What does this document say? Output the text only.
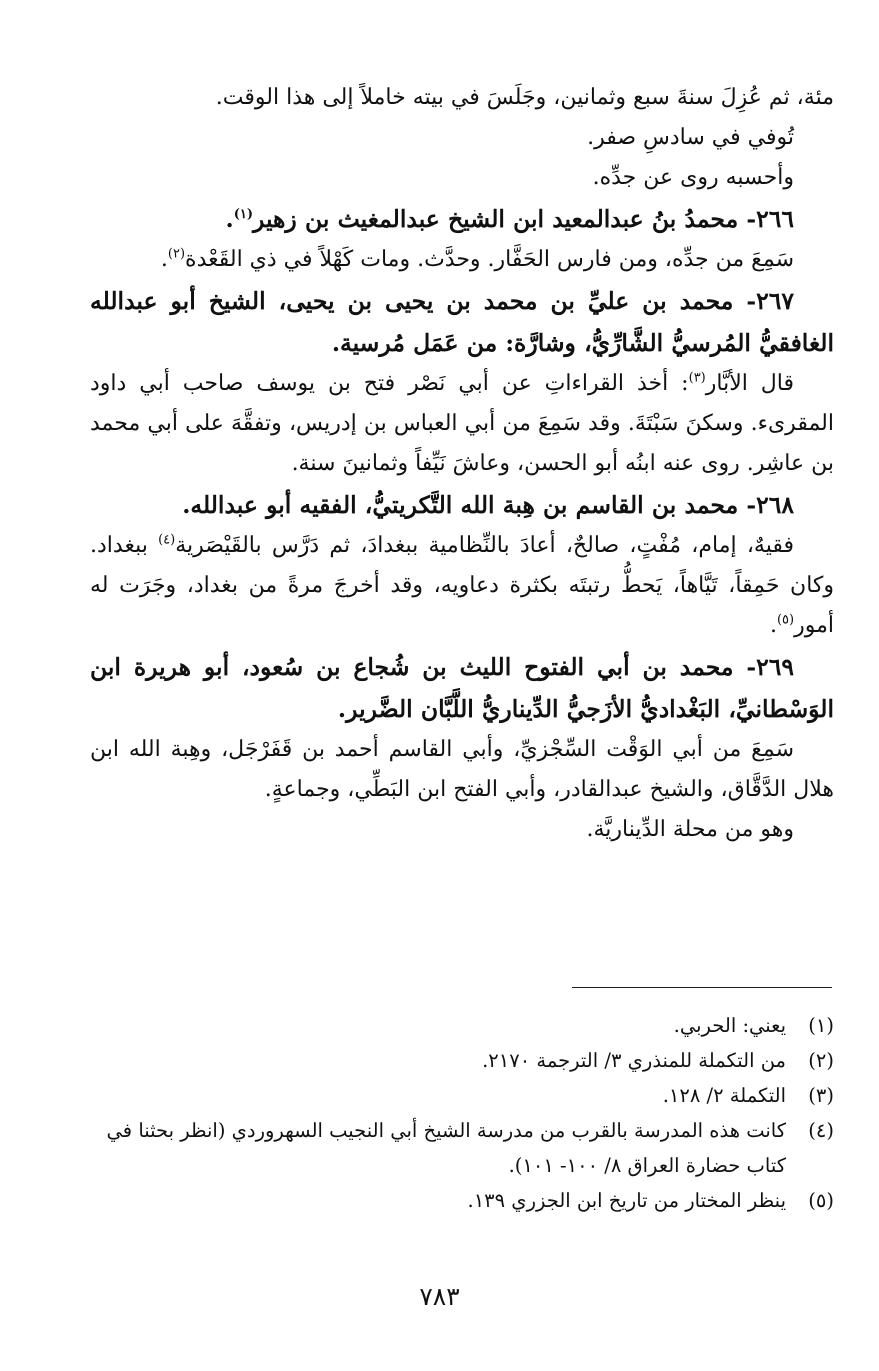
مئة، ثم عُزِلَ سنةَ سبع وثمانين، وجَلَسَ في بيته خاملاً إلى هذا الوقت.

تُوفي في سادسِ صفر.

وأحسبه روى عن جدِّه.

٢٦٦- محمدُ بنُ عبدالمعيد ابن الشيخ عبدالمغيث بن زهير$^{(١)}$.

سَمِعَ من جدِّه، ومن فارس الحَفَّار. وحدَّث. ومات كَهْلاً في ذي القَعْدة$^{(٢)}$.

٢٦٧- محمد بن عليِّ بن محمد بن يحيى بن يحيى، الشيخ أبو عبدالله الغافقيُّ المُرسيُّ الشَّارِّيُّ، وشارَّة: من عَمَل مُرسية.

قال الأبَّار$^{(٣)}$: أخذ القراءاتِ عن أبي نَصْر فتح بن يوسف صاحب أبي داود المقرىء. وسكنَ سَبْتَةَ. وقد سَمِعَ من أبي العباس بن إدريس، وتفقَّهَ على أبي محمد بن عاشِر. روى عنه ابنُه أبو الحسن، وعاشَ نَيِّفاً وثمانينَ سنة.

٢٦٨- محمد بن القاسم بن هِبة الله التَّكريتيُّ، الفقيه أبو عبدالله.

فقيهٌ، إمام، مُفْتٍ، صالحٌ، أعادَ بالنِّظامية ببغدادَ، ثم دَرَّس بالقَيْصَرية$^{(٤)}$ ببغداد. وكان حَمِقاً، تَيَّاهاً، يَحطُّ رتبتَه بكثرة دعاويه، وقد أخرجَ مرةً من بغداد، وجَرَت له أمور$^{(٥)}$.

٢٦٩- محمد بن أبي الفتوح الليث بن شُجاع بن سُعود، أبو هريرة ابن الوَسْطانيِّ، البَغْداديُّ الأزَجيُّ الدِّيناريُّ اللَّبَّان الضَّرير.

سَمِعَ من أبي الوَقْت السِّجْزيِّ، وأبي القاسم أحمد بن قَفَرْجَل، وهِبة الله ابن هلال الدَّقَّاق، والشيخ عبدالقادر، وأبي الفتح ابن البَطِّي، وجماعةٍ.

وهو من محلة الدِّيناريَّة.

(١)
يعني: الحربي.
(٢)
من التكملة للمنذري ٣/ الترجمة ٢١٧٠.
(٣)
التكملة ٢/ ١٢٨.
(٤)
كانت هذه المدرسة بالقرب من مدرسة الشيخ أبي النجيب السهروردي (انظر بحثنا في كتاب حضارة العراق ٨/ ١٠٠- ١٠١).
(٥)
ينظر المختار من تاريخ ابن الجزري ١٣٩.
٧٨٣
